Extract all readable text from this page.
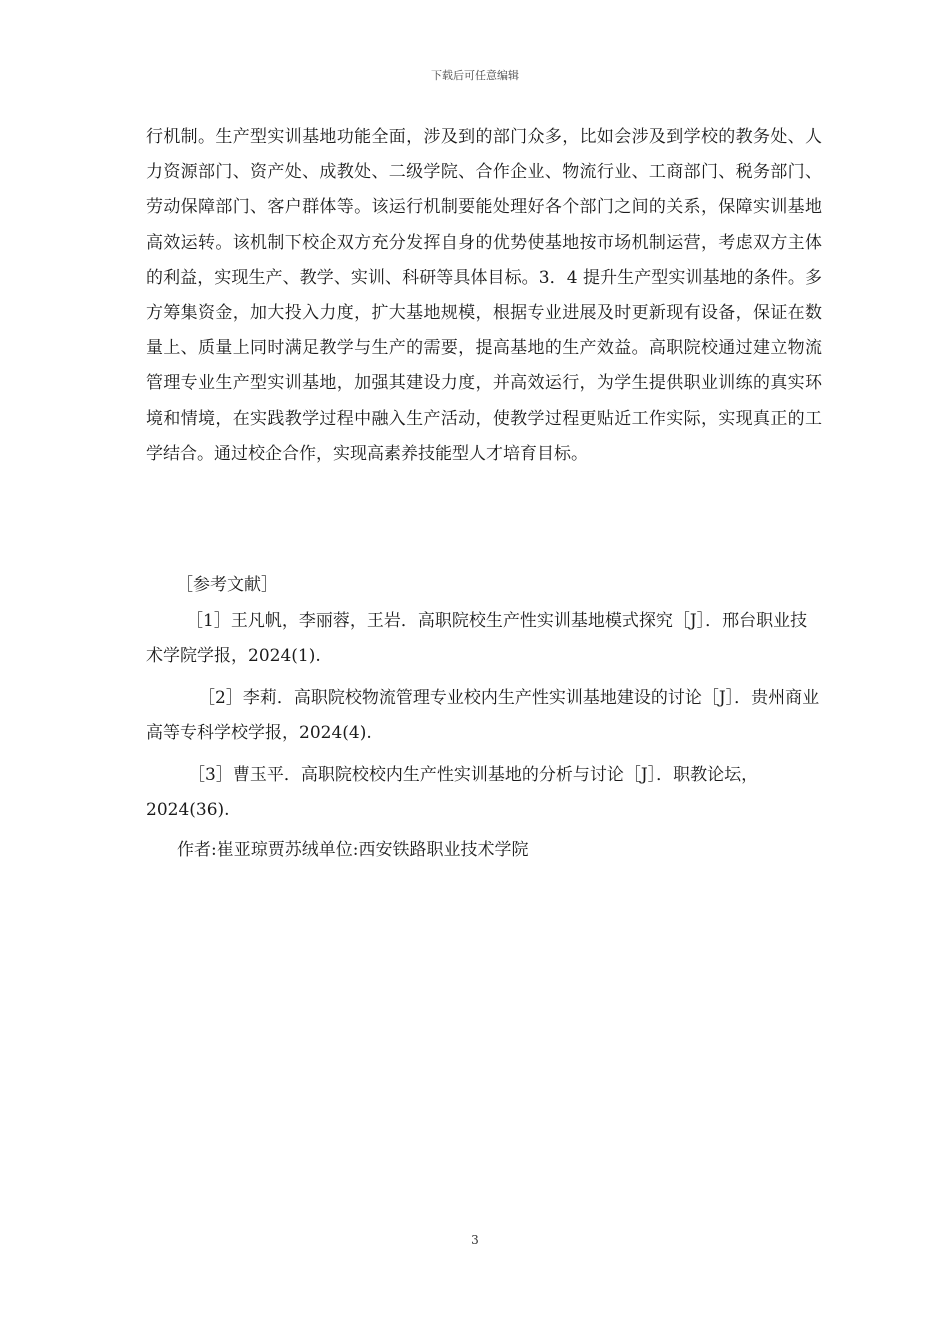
下载后可任意编辑

行机制。生产型实训基地功能全面，涉及到的部门众多，比如会涉及到学校的教务处、人力资源部门、资产处、成教处、二级学院、合作企业、物流行业、工商部门、税务部门、劳动保障部门、客户群体等。该运行机制要能处理好各个部门之间的关系，保障实训基地高效运转。该机制下校企双方充分发挥自身的优势使基地按市场机制运营，考虑双方主体的利益，实现生产、教学、实训、科研等具体目标。3．4 提升生产型实训基地的条件。多方筹集资金，加大投入力度，扩大基地规模，根据专业进展及时更新现有设备，保证在数量上、质量上同时满足教学与生产的需要，提高基地的生产效益。高职院校通过建立物流管理专业生产型实训基地，加强其建设力度，并高效运行，为学生提供职业训练的真实环境和情境，在实践教学过程中融入生产活动，使教学过程更贴近工作实际，实现真正的工学结合。通过校企合作，实现高素养技能型人才培育目标。

［参考文献］

［1］王凡帆，李丽蓉，王岩．高职院校生产性实训基地模式探究［J］．邢台职业技术学院学报，2024(1).

［2］李莉．高职院校物流管理专业校内生产性实训基地建设的讨论［J］．贵州商业高等专科学校学报，2024(4).

［3］曹玉平．高职院校校内生产性实训基地的分析与讨论［J］．职教论坛，2024(36).

作者:崔亚琼贾苏绒单位:西安铁路职业技术学院

3
